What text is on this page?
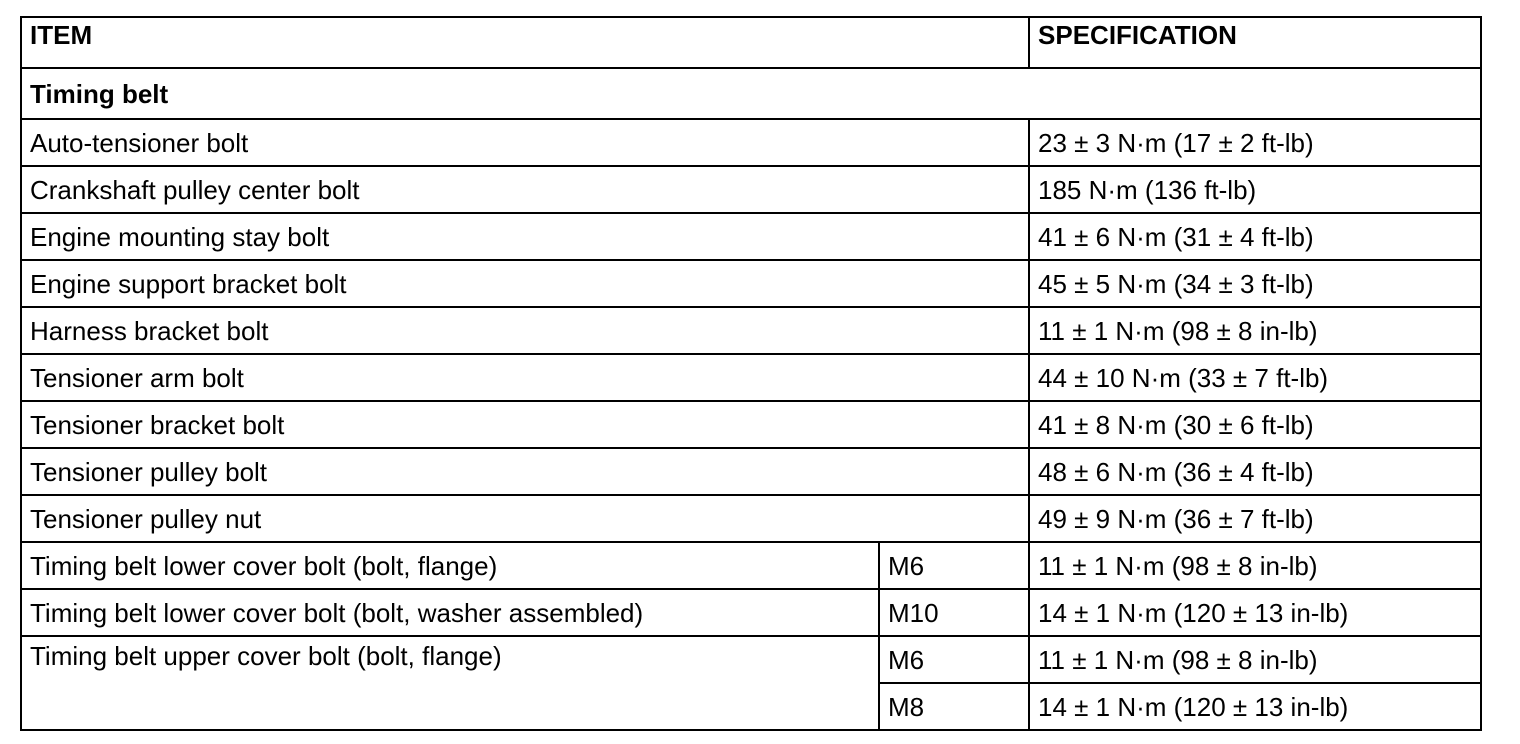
ITEM		SPECIFICATION
Timing belt		
Auto-tensioner bolt		23 ± 3 N·m (17 ± 2 ft-lb)
Crankshaft pulley center bolt		185 N·m (136 ft-lb)
Engine mounting stay bolt		41 ± 6 N·m (31 ± 4 ft-lb)
Engine support bracket bolt		45 ± 5 N·m (34 ± 3 ft-lb)
Harness bracket bolt		11 ± 1 N·m (98 ± 8 in-lb)
Tensioner arm bolt		44 ± 10 N·m (33 ± 7 ft-lb)
Tensioner bracket bolt		41 ± 8 N·m (30 ± 6 ft-lb)
Tensioner pulley bolt		48 ± 6 N·m (36 ± 4 ft-lb)
Tensioner pulley nut		49 ± 9 N·m (36 ± 7 ft-lb)
Timing belt lower cover bolt (bolt, flange)	M6	11 ± 1 N·m (98 ± 8 in-lb)
Timing belt lower cover bolt (bolt, washer assembled)	M10	14 ± 1 N·m (120 ± 13 in-lb)
Timing belt upper cover bolt (bolt, flange)	M6	11 ± 1 N·m (98 ± 8 in-lb)
	M8	14 ± 1 N·m (120 ± 13 in-lb)
